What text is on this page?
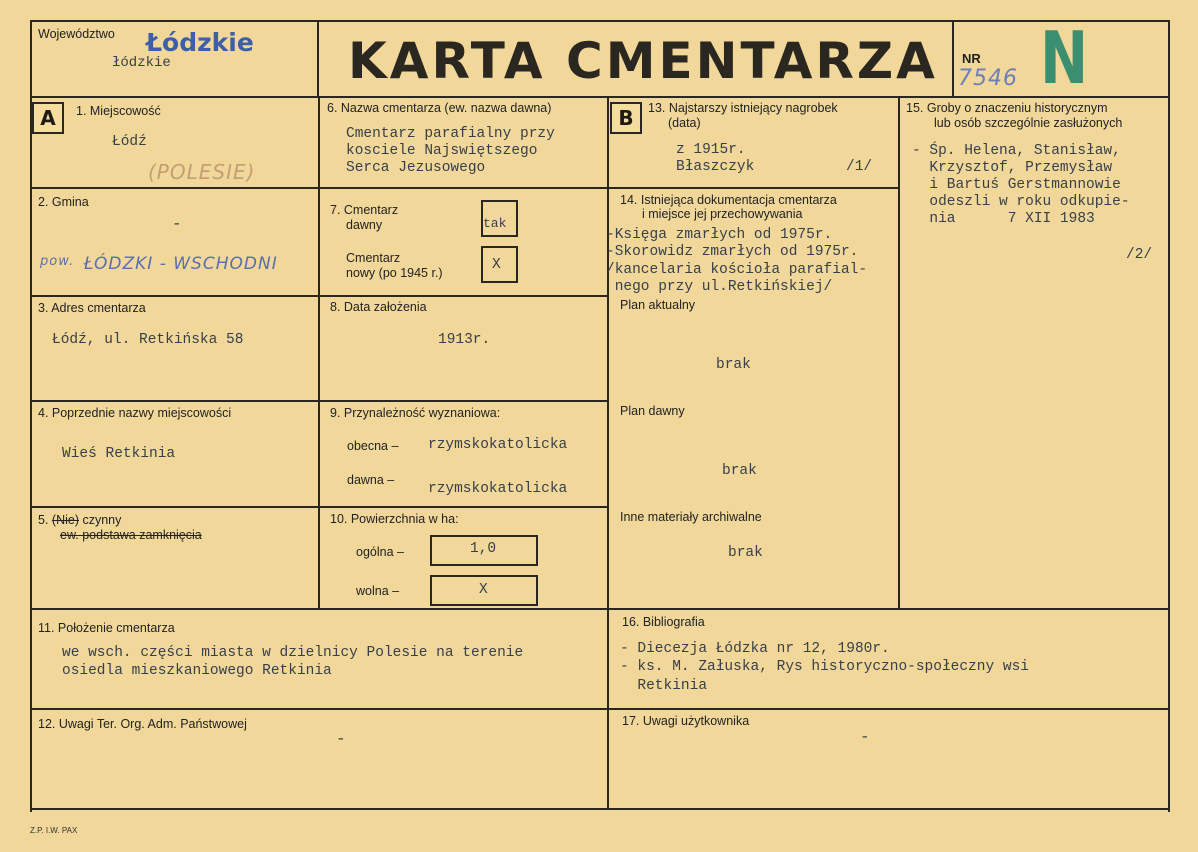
Województwo Łódzkie
łódzkie	KARTA CMENTARZA NR
7546 N
A	B
1. Miejscowość
Łódź
(POLESIE)
2. Gmina
-
pow. ŁÓDZKI - WSCHODNI
3. Adres cmentarza
Łódź, ul. Retkińska 58
4. Poprzednie nazwy miejscowości
Wieś Retkinia
5. (Nie) czynny
ew. podstawa zamknięcia
6. Nazwa cmentarza (ew. nazwa dawna)
Cmentarz parafialny przy
kosciele Najswiętszego
Serca Jezusowego
7. Cmentarz
dawny	tak
Cmentarz
nowy (po 1945 r.)	X
8. Data założenia
1913r.
9. Przynależność wyznaniowa:
obecna – rzymskokatolicka
dawna –
rzymskokatolicka
10. Powierzchnia w ha:
ogólna –	1,0
wolna –	X
13. Najstarszy istniejący nagrobek
(data)
z 1915r.
Błaszczyk	/1/
14. Istniejąca dokumentacja cmentarza
i miejsce jej przechowywania
-Księga zmarłych od 1975r.
-Skorowidz zmarłych od 1975r.
/kancelaria kościoła parafial-
nego przy ul.Retkińskiej/
Plan aktualny
brak
Plan dawny
brak
Inne materiały archiwalne
brak
15. Groby o znaczeniu historycznym
lub osób szczególnie zasłużonych
- Śp. Helena, Stanisław,
Krzysztof, Przemysław
i Bartuś Gerstmannowie
odeszli w roku odkupie-
nia      7 XII 1983
/2/
11. Położenie cmentarza
we wsch. części miasta w dzielnicy Polesie na terenie
osiedla mieszkaniowego Retkinia
16. Bibliografia
- Diecezja Łódzka nr 12, 1980r.
- ks. M. Załuska, Rys historyczno-społeczny wsi
Retkinia
12. Uwagi Ter. Org. Adm. Państwowej
-
17. Uwagi użytkownika
-
Z.P. I.W. PAX
